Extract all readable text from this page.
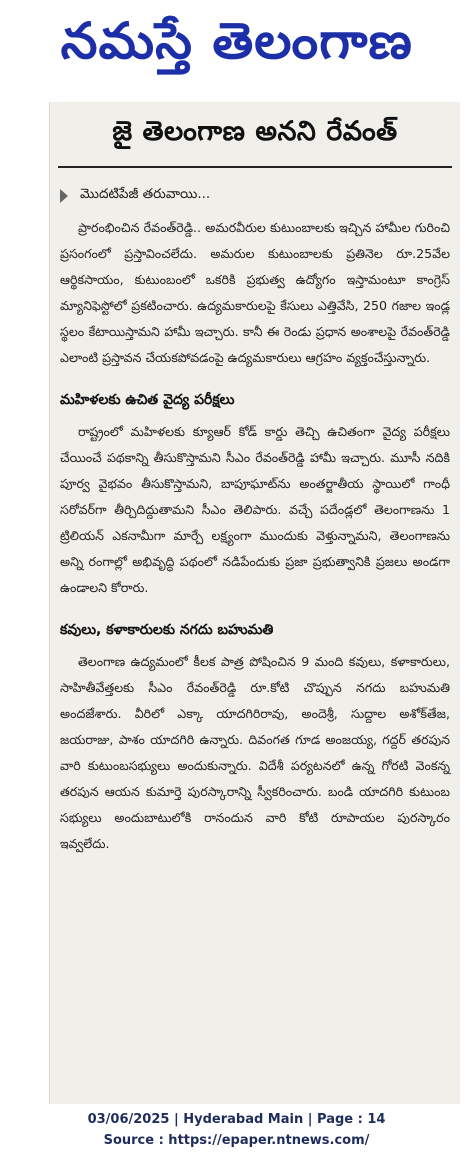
నమస్తే తెలంగాణ
జై తెలంగాణ అనని రేవంత్
మొదటిపేజీ తరువాయి...

ప్రారంభించిన రేవంత్‌రెడ్డి.. అమరవీరుల కుటుంబాలకు ఇచ్చిన హామీల గురించి ప్రసంగంలో ప్రస్తావించలేదు. అమరుల కుటుంబాలకు ప్రతినెల రూ.25వేల ఆర్థికసాయం, కుటుంబంలో ఒకరికి ప్రభుత్వ ఉద్యోగం ఇస్తామంటూ కాంగ్రెస్ మ్యానిఫెస్టోలో ప్రకటించారు. ఉద్యమకారులపై కేసులు ఎత్తివేసి, 250 గజాల ఇండ్ల స్థలం కేటాయిస్తామని హామీ ఇచ్చారు. కానీ ఈ రెండు ప్రధాన అంశాలపై రేవంత్‌రెడ్డి ఎలాంటి ప్రస్తావన చేయకపోవడంపై ఉద్యమకారులు ఆగ్రహం వ్యక్తంచేస్తున్నారు.

మహిళలకు ఉచిత వైద్య పరీక్షలు

రాష్ట్రంలో మహిళలకు క్యూఆర్ కోడ్ కార్డు తెచ్చి ఉచితంగా వైద్య పరీక్షలు చేయించే పథకాన్ని తీసుకొస్తామని సీఎం రేవంత్‌రెడ్డి హామీ ఇచ్చారు. మూసీ నదికి పూర్వ వైభవం తీసుకొస్తామని, బాపూఘాట్‌ను అంతర్జాతీయ స్థాయిలో గాంధీ సరోవర్‌గా తీర్చిదిద్దుతామని సీఎం తెలిపారు. వచ్చే పదేండ్లలో తెలంగాణను 1 ట్రిలియన్ ఎకనామీగా మార్చే లక్ష్యంగా ముందుకు వెళ్తున్నామని, తెలంగాణను అన్ని రంగాల్లో అభివృద్ధి పథంలో నడిపేందుకు ప్రజా ప్రభుత్వానికి ప్రజలు అండగా ఉండాలని కోరారు.

కవులు, కళాకారులకు నగదు బహుమతి

తెలంగాణ ఉద్యమంలో కీలక పాత్ర పోషించిన 9 మంది కవులు, కళాకారులు, సాహితీవేత్తలకు సీఎం రేవంత్‌రెడ్డి రూ.కోటి చొప్పున నగదు బహుమతి అందజేశారు. వీరిలో ఎక్కా యాదగిరిరావు, అందెశ్రీ, సుద్దాల అశోక్‌తేజ, జయరాజు, పాశం యాదగిరి ఉన్నారు. దివంగత గూడ అంజయ్య, గద్దర్ తరపున వారి కుటుంబసభ్యులు అందుకున్నారు. విదేశీ పర్యటనలో ఉన్న గోరటి వెంకన్న తరపున ఆయన కుమార్తె పురస్కారాన్ని స్వీకరించారు. బండి యాదగిరి కుటుంబ సభ్యులు అందుబాటులోకి రానందున వారి కోటి రూపాయల పురస్కారం ఇవ్వలేదు.

03/06/2025 | Hyderabad Main | Page : 14
Source : https://epaper.ntnews.com/
